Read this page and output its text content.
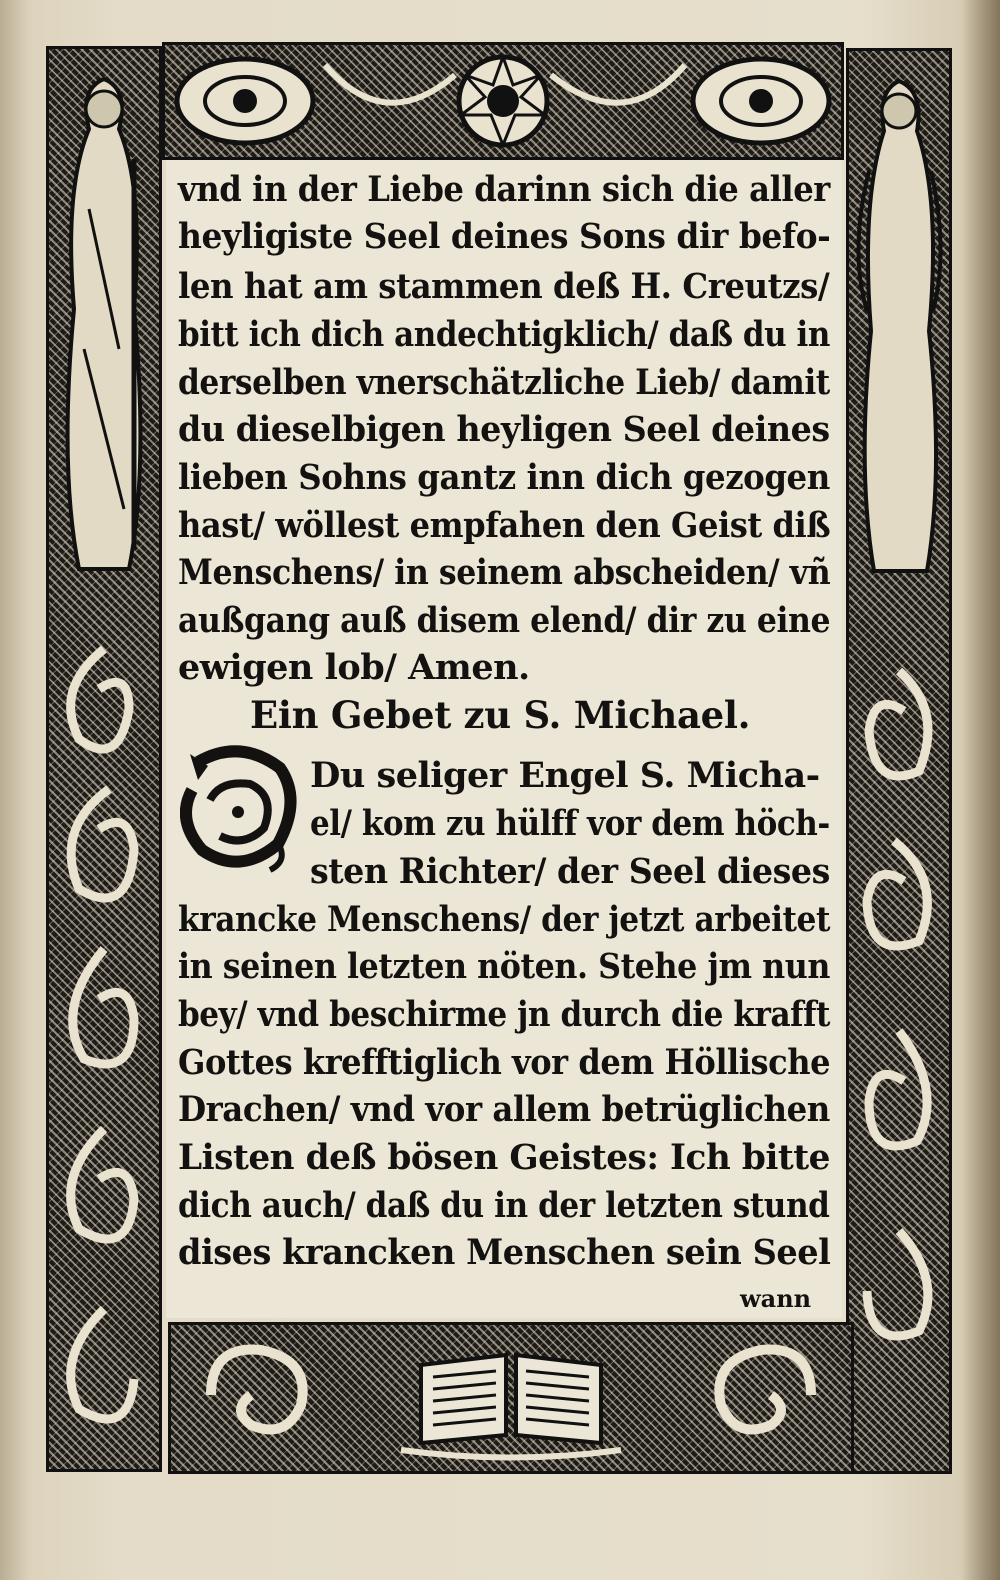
vnd in der Liebe darinn sich die aller
heyligiste Seel deines Sons dir befo-
len hat am stammen deß H. Creutzs/
bitt ich dich andechtigklich/ daß du in
derselben vnerschätzliche Lieb/ damit
du dieselbigen heyligen Seel deines
lieben Sohns gantz inn dich gezogen
hast/ wöllest empfahen den Geist diß
Menschens/ in seinem abscheiden/ vñ
außgang auß disem elend/ dir zu eine
ewigen lob/ Amen.
Ein Gebet zu S. Michael.
Du seliger Engel S. Micha-
el/ kom zu hülff vor dem höch-
sten Richter/ der Seel dieses
krancke Menschens/ der jetzt arbeitet
in seinen letzten nöten. Stehe jm nun
bey/ vnd beschirme jn durch die krafft
Gottes krefftiglich vor dem Höllische
Drachen/ vnd vor allem betrüglichen
Listen deß bösen Geistes: Ich bitte
dich auch/ daß du in der letzten stund
dises krancken Menschen sein Seel
wann
